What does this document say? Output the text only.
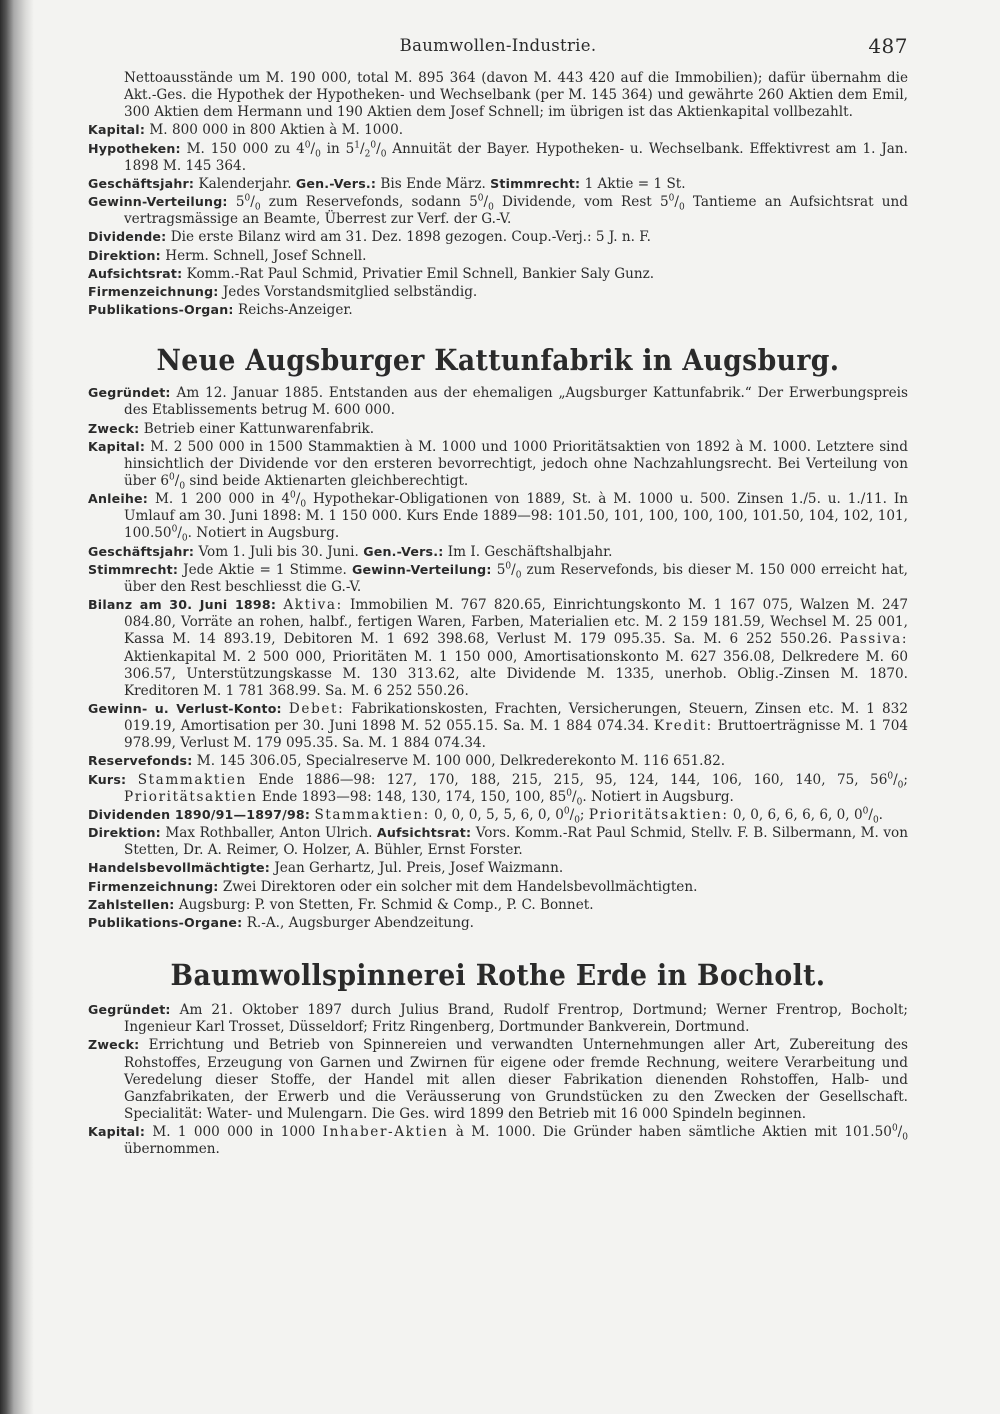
Baumwollen-Industrie.	487

Nettoausstände um M. 190 000, total M. 895 364 (davon M. 443 420 auf die Immobilien); dafür übernahm die Akt.-Ges. die Hypothek der Hypotheken- und Wechselbank (per M. 145 364) und gewährte 260 Aktien dem Emil, 300 Aktien dem Hermann und 190 Aktien dem Josef Schnell; im übrigen ist das Aktienkapital vollbezahlt.

Kapital: M. 800 000 in 800 Aktien à M. 1000.

Hypotheken: M. 150 000 zu $4^0/_0$ in $5^1/_2^0/_0$ Annuität der Bayer. Hypotheken- u. Wechselbank. Effektivrest am 1. Jan. 1898 M. 145 364.

Geschäftsjahr: Kalenderjahr. Gen.-Vers.: Bis Ende März. Stimmrecht: 1 Aktie = 1 St.

Gewinn-Verteilung: $5^0/_0$ zum Reservefonds, sodann $5^0/_0$ Dividende, vom Rest $5^0/_0$ Tantieme an Aufsichtsrat und vertragsmässige an Beamte, Überrest zur Verf. der G.-V.

Dividende: Die erste Bilanz wird am 31. Dez. 1898 gezogen. Coup.-Verj.: 5 J. n. F.

Direktion: Herm. Schnell, Josef Schnell.

Aufsichtsrat: Komm.-Rat Paul Schmid, Privatier Emil Schnell, Bankier Saly Gunz.

Firmenzeichnung: Jedes Vorstandsmitglied selbständig.

Publikations-Organ: Reichs-Anzeiger.

Neue Augsburger Kattunfabrik in Augsburg.

Gegründet: Am 12. Januar 1885. Entstanden aus der ehemaligen „Augsburger Kattunfabrik.“ Der Erwerbungspreis des Etablissements betrug M. 600 000.

Zweck: Betrieb einer Kattunwarenfabrik.

Kapital: M. 2 500 000 in 1500 Stammaktien à M. 1000 und 1000 Prioritätsaktien von 1892 à M. 1000. Letztere sind hinsichtlich der Dividende vor den ersteren bevorrechtigt, jedoch ohne Nachzahlungsrecht. Bei Verteilung von über $6^0/_0$ sind beide Aktienarten gleichberechtigt.

Anleihe: M. 1 200 000 in $4^0/_0$ Hypothekar-Obligationen von 1889, St. à M. 1000 u. 500. Zinsen 1./5. u. 1./11. In Umlauf am 30. Juni 1898: M. 1 150 000. Kurs Ende 1889—98: 101.50, 101, 100, 100, 100, 101.50, 104, 102, 101, $100.50^0/_0$. Notiert in Augsburg.

Geschäftsjahr: Vom 1. Juli bis 30. Juni. Gen.-Vers.: Im I. Geschäftshalbjahr.

Stimmrecht: Jede Aktie = 1 Stimme. Gewinn-Verteilung: $5^0/_0$ zum Reservefonds, bis dieser M. 150 000 erreicht hat, über den Rest beschliesst die G.-V.

Bilanz am 30. Juni 1898: Aktiva: Immobilien M. 767 820.65, Einrichtungskonto M. 1 167 075, Walzen M. 247 084.80, Vorräte an rohen, halbf., fertigen Waren, Farben, Materialien etc. M. 2 159 181.59, Wechsel M. 25 001, Kassa M. 14 893.19, Debitoren M. 1 692 398.68, Verlust M. 179 095.35. Sa. M. 6 252 550.26. Passiva: Aktienkapital M. 2 500 000, Prioritäten M. 1 150 000, Amortisationskonto M. 627 356.08, Delkredere M. 60 306.57, Unterstützungskasse M. 130 313.62, alte Dividende M. 1335, unerhob. Oblig.-Zinsen M. 1870. Kreditoren M. 1 781 368.99. Sa. M. 6 252 550.26.

Gewinn- u. Verlust-Konto: Debet: Fabrikationskosten, Frachten, Versicherungen, Steuern, Zinsen etc. M. 1 832 019.19, Amortisation per 30. Juni 1898 M. 52 055.15. Sa. M. 1 884 074.34. Kredit: Bruttoerträgnisse M. 1 704 978.99, Verlust M. 179 095.35. Sa. M. 1 884 074.34.

Reservefonds: M. 145 306.05, Specialreserve M. 100 000, Delkrederekonto M. 116 651.82.

Kurs: Stammaktien Ende 1886—98: 127, 170, 188, 215, 215, 95, 124, 144, 106, 160, 140, 75, $56^0/_0$; Prioritätsaktien Ende 1893—98: 148, 130, 174, 150, 100, $85^0/_0$. Notiert in Augsburg.

Dividenden 1890/91—1897/98: Stammaktien: 0, 0, 0, 5, 5, 6, 0, $0^0/_0$; Prioritätsaktien: 0, 0, 6, 6, 6, 6, 0, $0^0/_0$.

Direktion: Max Rothballer, Anton Ulrich. Aufsichtsrat: Vors. Komm.-Rat Paul Schmid, Stellv. F. B. Silbermann, M. von Stetten, Dr. A. Reimer, O. Holzer, A. Bühler, Ernst Forster.

Handelsbevollmächtigte: Jean Gerhartz, Jul. Preis, Josef Waizmann.

Firmenzeichnung: Zwei Direktoren oder ein solcher mit dem Handelsbevollmächtigten.

Zahlstellen: Augsburg: P. von Stetten, Fr. Schmid & Comp., P. C. Bonnet.

Publikations-Organe: R.-A., Augsburger Abendzeitung.

Baumwollspinnerei Rothe Erde in Bocholt.

Gegründet: Am 21. Oktober 1897 durch Julius Brand, Rudolf Frentrop, Dortmund; Werner Frentrop, Bocholt; Ingenieur Karl Trosset, Düsseldorf; Fritz Ringenberg, Dortmunder Bankverein, Dortmund.

Zweck: Errichtung und Betrieb von Spinnereien und verwandten Unternehmungen aller Art, Zubereitung des Rohstoffes, Erzeugung von Garnen und Zwirnen für eigene oder fremde Rechnung, weitere Verarbeitung und Veredelung dieser Stoffe, der Handel mit allen dieser Fabrikation dienenden Rohstoffen, Halb- und Ganzfabrikaten, der Erwerb und die Veräusserung von Grundstücken zu den Zwecken der Gesellschaft. Specialität: Water- und Mulengarn. Die Ges. wird 1899 den Betrieb mit 16 000 Spindeln beginnen.

Kapital: M. 1 000 000 in 1000 Inhaber-Aktien à M. 1000. Die Gründer haben sämtliche Aktien mit $101.50^0/_0$ übernommen.
